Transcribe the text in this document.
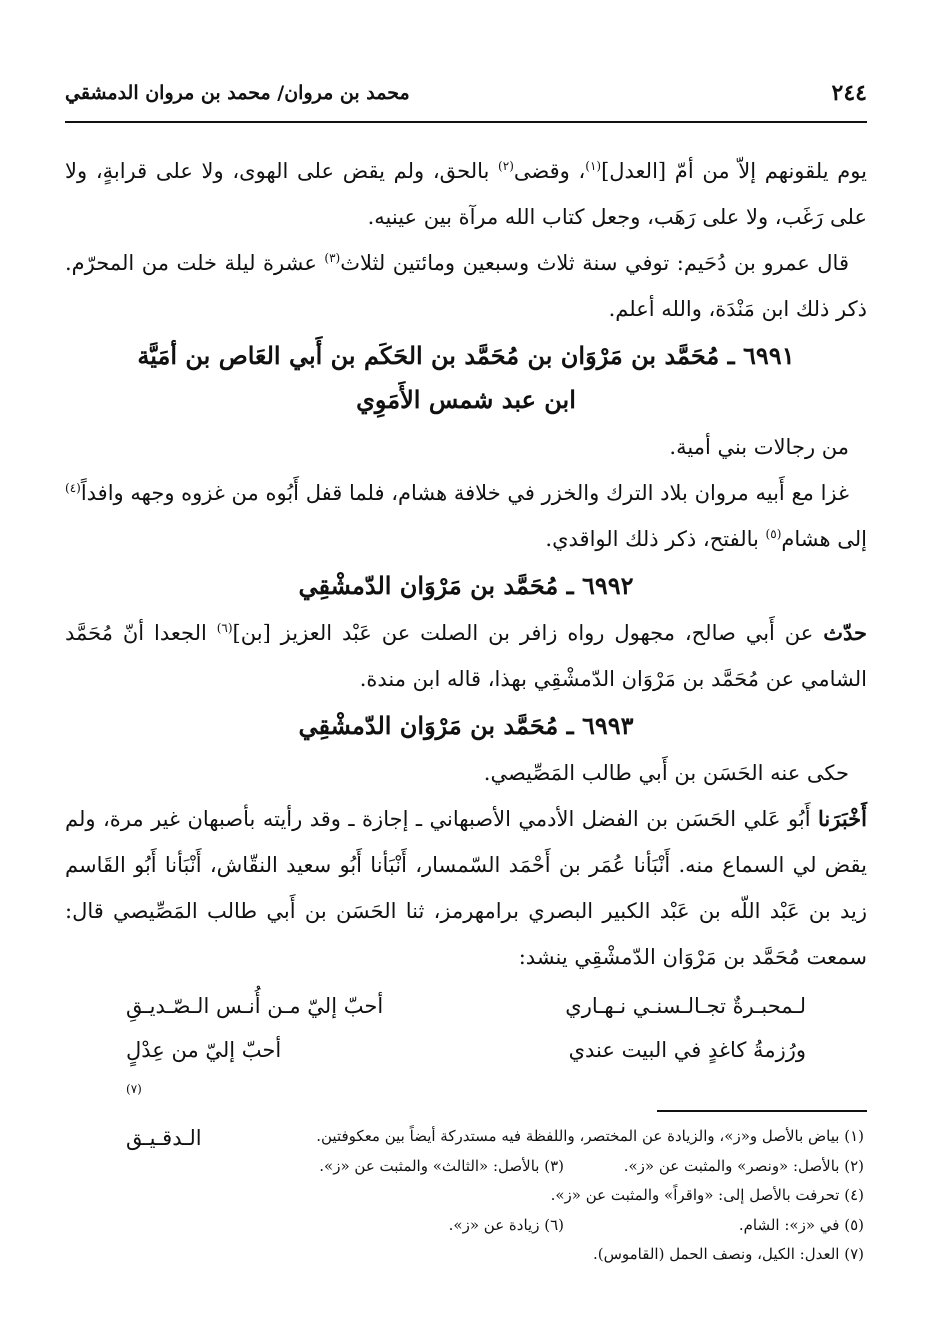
٢٤٤
محمد بن مروان/ محمد بن مروان الدمشقي

يوم يلقونهم إلاّ من أمّ [العدل]$^{(١)}$، وقضى$^{(٢)}$ بالحق، ولم يقض على الهوى، ولا على قرابةٍ، ولا على رَغَب، ولا على رَهَب، وجعل كتاب الله مرآة بين عينيه.

قال عمرو بن دُحَيم: توفي سنة ثلاث وسبعين ومائتين لثلاث$^{(٣)}$ عشرة ليلة خلت من المحرّم. ذكر ذلك ابن مَنْدَة، والله أعلم.

٦٩٩١ ـ مُحَمَّد بن مَرْوَان بن مُحَمَّد بن الحَكَم بن أَبي العَاص بن أمَيَّة
ابن عبد شمس الأَمَوِي

من رجالات بني أمية.

غزا مع أَبيه مروان بلاد الترك والخزر في خلافة هشام، فلما قفل أَبُوه من غزوه وجهه وافداً$^{(٤)}$ إلى هشام$^{(٥)}$ بالفتح، ذكر ذلك الواقدي.

٦٩٩٢ ـ مُحَمَّد بن مَرْوَان الدّمشْقِي

حدّث عن أَبي صالح، مجهول رواه زافر بن الصلت عن عَبْد العزيز [بن]$^{(٦)}$ الجعدا أنّ مُحَمَّد الشامي عن مُحَمَّد بن مَرْوَان الدّمشْقِي بهذا، قاله ابن مندة.

٦٩٩٣ ـ مُحَمَّد بن مَرْوَان الدّمشْقِي

حكى عنه الحَسَن بن أَبي طالب المَصِّيصي.

أَخْبَرَنا أَبُو عَلي الحَسَن بن الفضل الأدمي الأصبهاني ـ إجازة ـ وقد رأيته بأصبهان غير مرة، ولم يقض لي السماع منه. أَنْبَأنا عُمَر بن أَحْمَد السّمسار، أَنْبَأنا أَبُو سعيد النقّاش، أَنْبَأنا أَبُو القَاسم زيد بن عَبْد اللّه بن عَبْد الكبير البصري برامهرمز، ثنا الحَسَن بن أَبي طالب المَصِّيصي قال: سمعت مُحَمَّد بن مَرْوَان الدّمشْقِي ينشد:

لـمحبـرةٌ تجـالـسنـي نـهـاري
أحبّ إليّ مـن أُنـس الـصّـديـقِ
ورُزمةُ كاغدٍ في البيت عندي
أحبّ إليّ من عِدْلٍ(٧)الـدقـيـق	(١) بياض بالأصل و«ز»، والزيادة عن المختصر، واللفظة فيه مستدركة أيضاً بين معكوفتين.
(٢) بالأصل: «ونصر» والمثبت عن «ز».
(٣) بالأصل: «الثالث» والمثبت عن «ز».
(٤) تحرفت بالأصل إلى: «واقراً» والمثبت عن «ز».
(٥) في «ز»: الشام.
(٦) زيادة عن «ز».
(٧) العدل: الكيل، ونصف الحمل (القاموس).
